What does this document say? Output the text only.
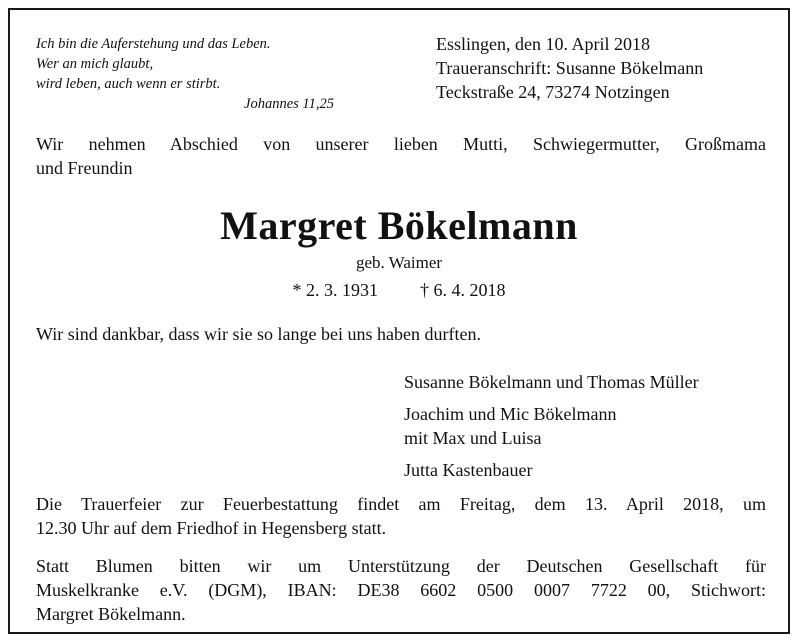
Ich bin die Auferstehung und das Leben.
Wer an mich glaubt,
wird leben, auch wenn er stirbt.
Johannes 11,25
Esslingen, den 10. April 2018
Traueranschrift: Susanne Bökelmann
Teckstraße 24, 73274 Notzingen
Wir nehmen Abschied von unserer lieben Mutti, Schwiegermutter, Großmama
und Freundin
Margret Bökelmann
geb. Waimer
* 2. 3. 1931 † 6. 4. 2018
Wir sind dankbar, dass wir sie so lange bei uns haben durften.
Susanne Bökelmann und Thomas Müller
Joachim und Mic Bökelmann
mit Max und Luisa
Jutta Kastenbauer
Die Trauerfeier zur Feuerbestattung findet am Freitag, dem 13. April 2018, um
12.30 Uhr auf dem Friedhof in Hegensberg statt.
Statt Blumen bitten wir um Unterstützung der Deutschen Gesellschaft für
Muskelkranke e.V. (DGM), IBAN: DE38 6602 0500 0007 7722 00, Stichwort:
Margret Bökelmann.
